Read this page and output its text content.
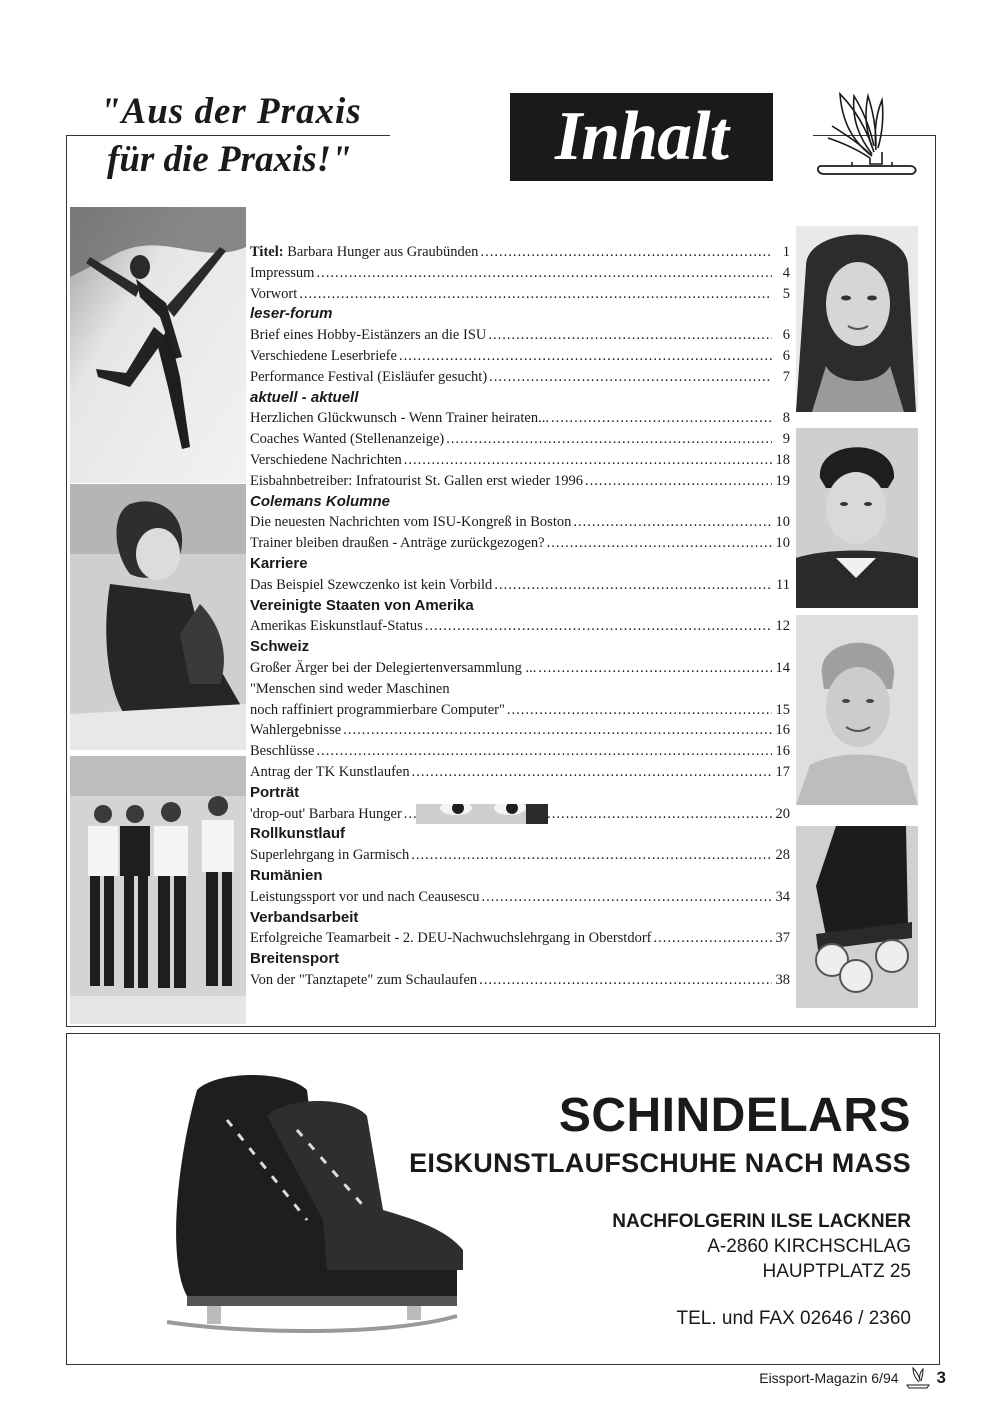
"Aus der Praxis
für die Praxis!"	Inhalt
Titel: Barbara Hunger aus Graubünden .....	1
Impressum .....	4
Vorwort .....	5
leser-forum
Brief eines Hobby-Eistänzers an die ISU .....	6
Verschiedene Leserbriefe .....	6
Performance Festival (Eisläufer gesucht) .....	7
aktuell - aktuell
Herzlichen Glückwunsch - Wenn Trainer heiraten... .....	8
Coaches Wanted (Stellenanzeige) .....	9
Verschiedene Nachrichten .....	18
Eisbahnbetreiber: Infratourist St. Gallen erst wieder 1996 .....	19
Colemans Kolumne
Die neuesten Nachrichten vom ISU-Kongreß in Boston .....	10
Trainer bleiben draußen - Anträge zurückgezogen? .....	10
Karriere
Das Beispiel Szewczenko ist kein Vorbild .....	11
Vereinigte Staaten von Amerika
Amerikas Eiskunstlauf-Status .....	12
Schweiz
Großer Ärger bei der Delegiertenversammlung ... .....	14
"Menschen sind weder Maschinen
noch raffiniert programmierbare Computer" .....	15
Wahlergebnisse .....	16
Beschlüsse .....	16
Antrag der TK Kunstlaufen .....	17
Porträt
'drop-out' Barbara Hunger .....	20
Rollkunstlauf
Superlehrgang in Garmisch .....	28
Rumänien
Leistungssport vor und nach Ceausescu .....	34
Verbandsarbeit
Erfolgreiche Teamarbeit - 2. DEU-Nachwuchslehrgang in Oberstdorf .....	37
Breitensport
Von der "Tanztapete" zum Schaulaufen .....	38
SCHINDELARS
EISKUNSTLAUFSCHUHE NACH MASS
NACHFOLGERIN ILSE LACKNER
A-2860 KIRCHSCHLAG
HAUPTPLATZ 25
TEL. und FAX 02646 / 2360
Eissport-Magazin 6/94 3
